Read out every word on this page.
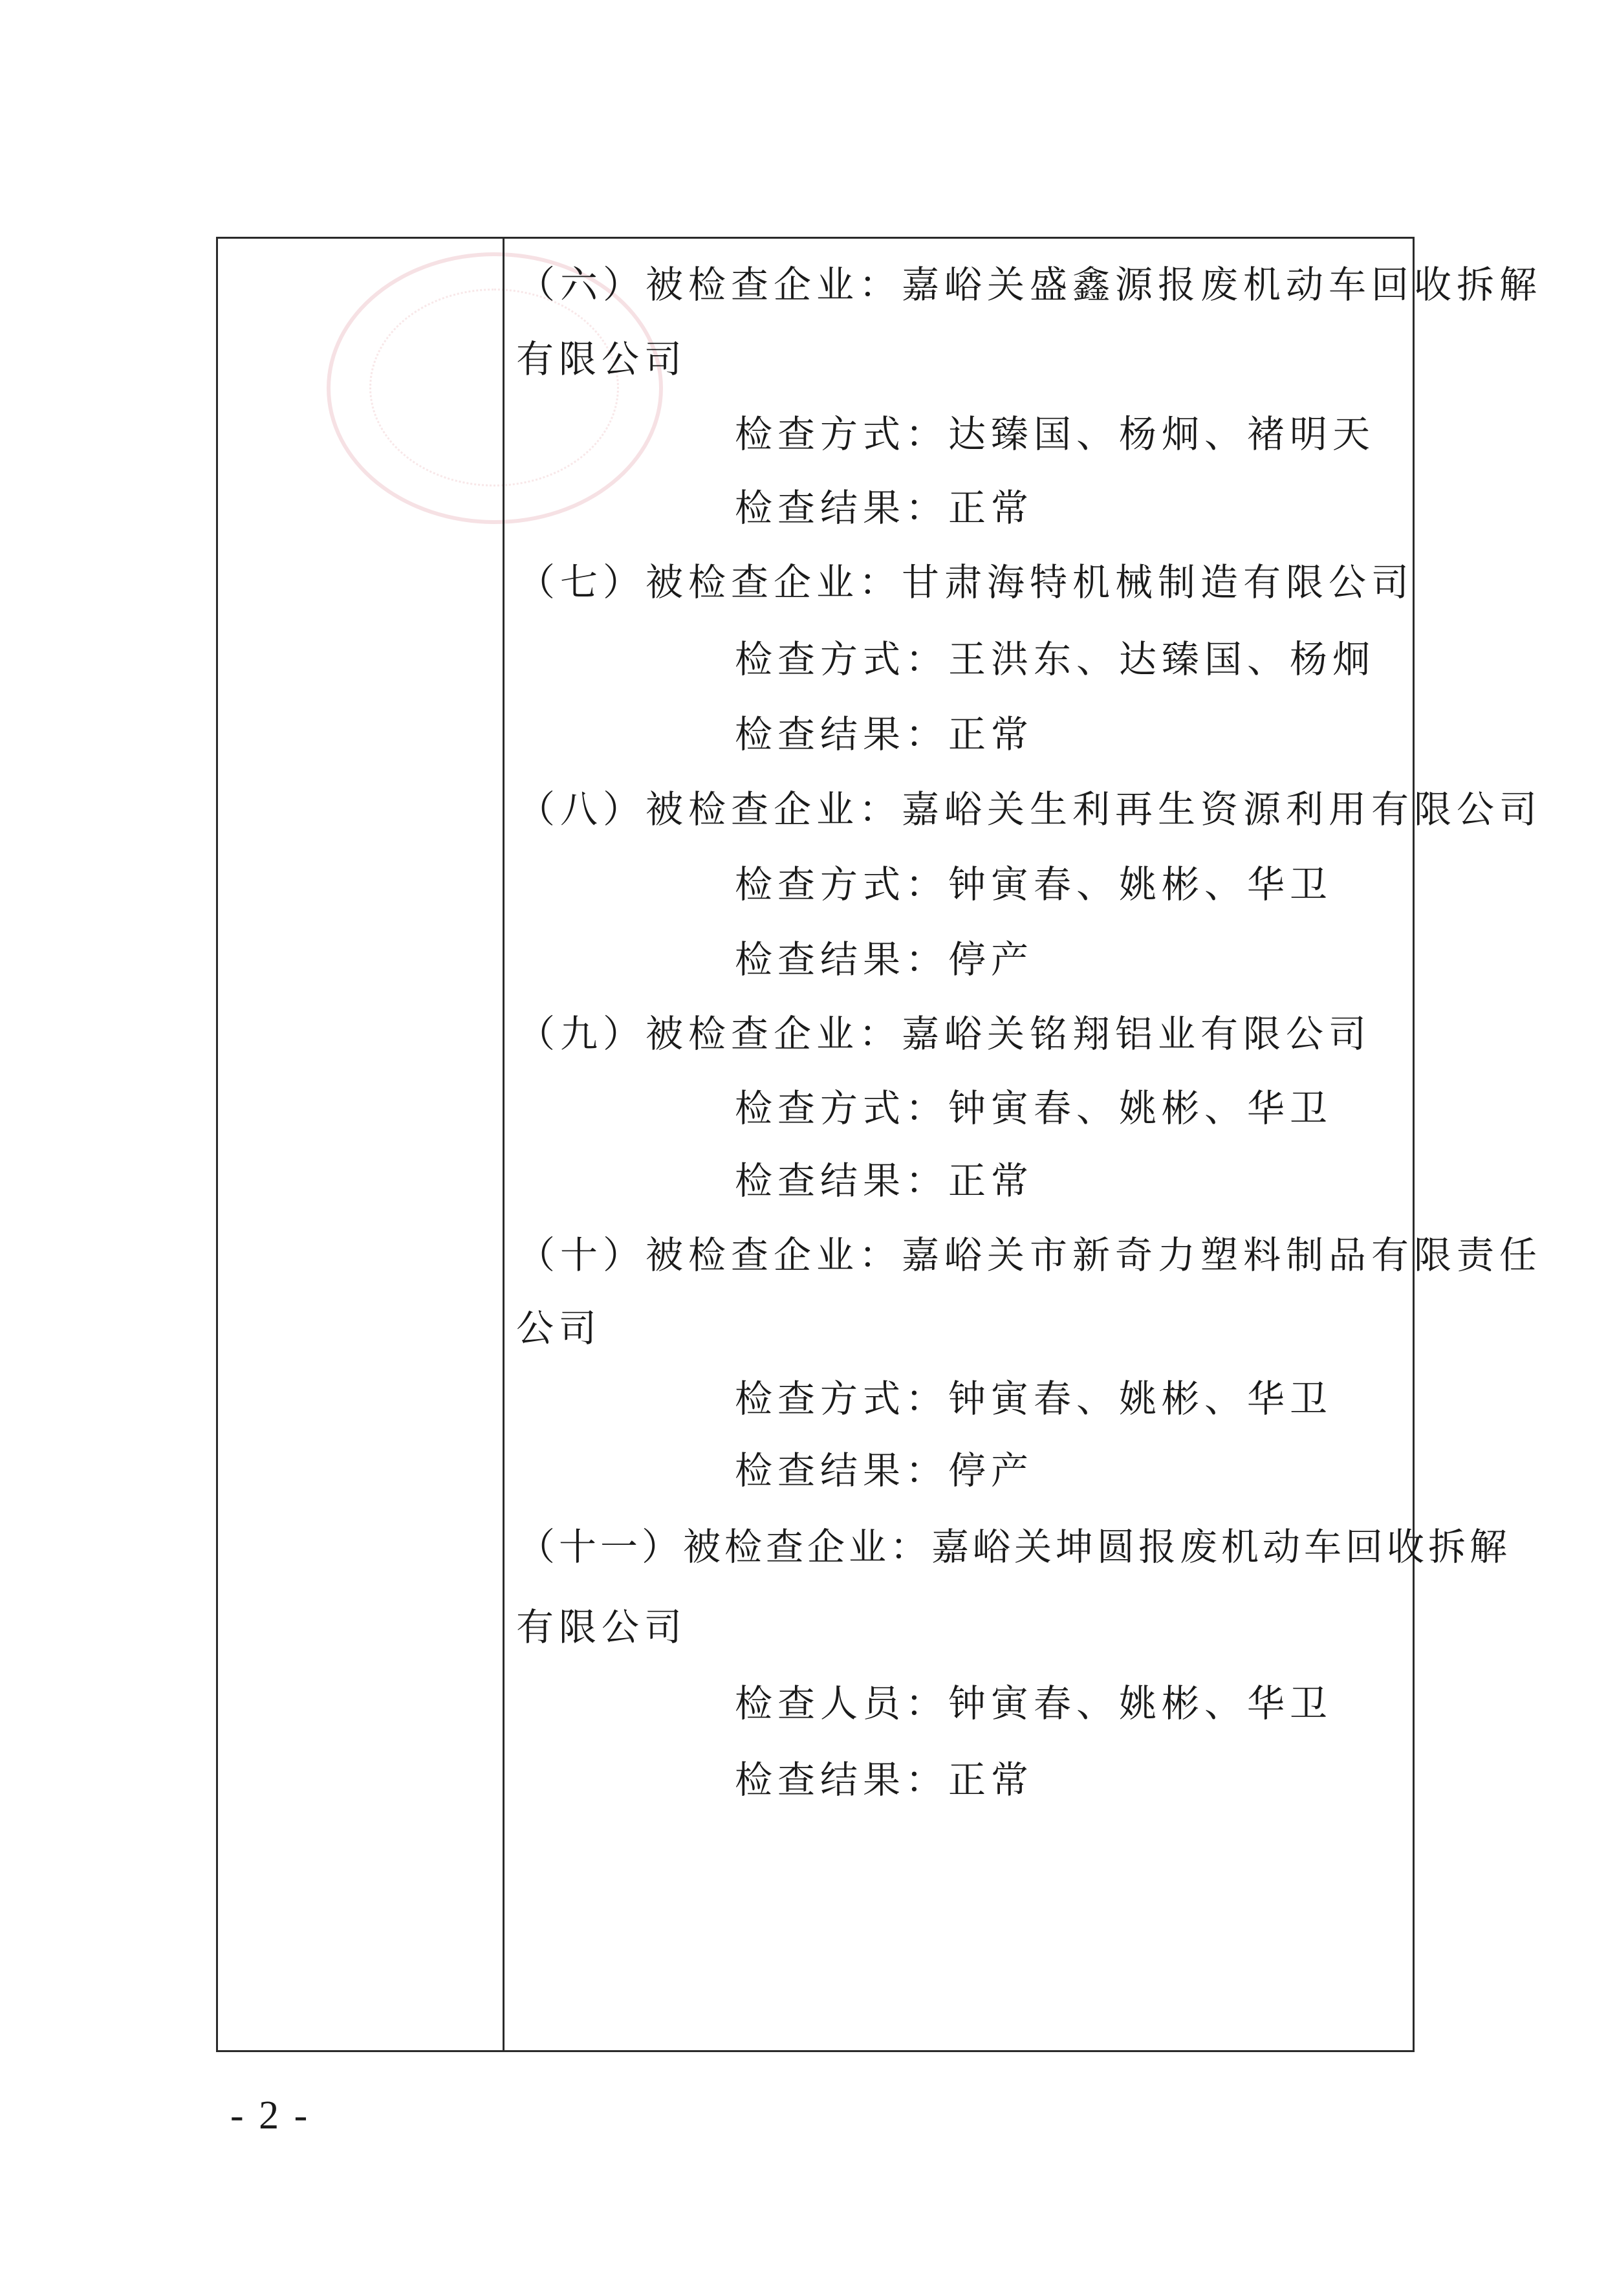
（六）被检查企业：嘉峪关盛鑫源报废机动车回收拆解
有限公司
检查方式：达臻国、杨炯、褚明天
检查结果：正常
（七）被检查企业：甘肃海特机械制造有限公司
检查方式：王洪东、达臻国、杨炯
检查结果：正常
（八）被检查企业：嘉峪关生利再生资源利用有限公司
检查方式：钟寅春、姚彬、华卫
检查结果：停产
（九）被检查企业：嘉峪关铭翔铝业有限公司
检查方式：钟寅春、姚彬、华卫
检查结果：正常
（十）被检查企业：嘉峪关市新奇力塑料制品有限责任
公司
检查方式：钟寅春、姚彬、华卫
检查结果：停产
（十一）被检查企业：嘉峪关坤圆报废机动车回收拆解
有限公司
检查人员：钟寅春、姚彬、华卫
检查结果：正常
- 2 -
